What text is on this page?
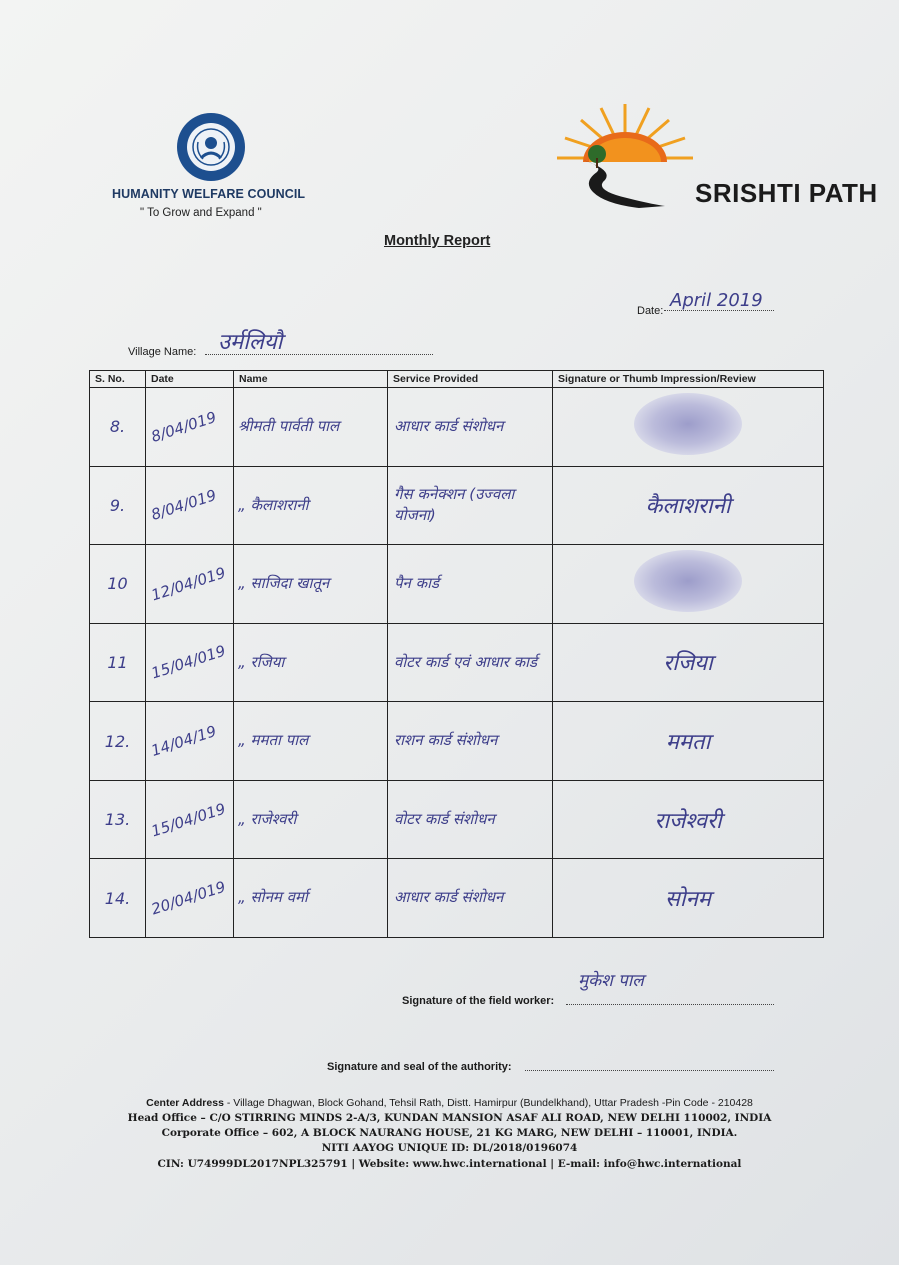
HUMANITY WELFARE COUNCIL
" To Grow and Expand "
SRISHTI PATH
Monthly Report
Date: April 2019
Village Name: उर्मलियौ
S. No.	Date	Name	Service Provided	Signature or Thumb Impression/Review
8.	8/04/019	श्रीमती पार्वती पाल	आधार कार्ड संशोधन	
9.	8/04/019	„ कैलाशरानी	गैस कनेक्शन (उज्वला योजना)	कैलाशरानी
10	12/04/019	„ साजिदा खातून	पैन कार्ड	
11	15/04/019	„ रजिया	वोटर कार्ड एवं आधार कार्ड	रजिया
12.	14/04/19	„ ममता पाल	राशन कार्ड संशोधन	ममता
13.	15/04/019	„ राजेश्वरी	वोटर कार्ड संशोधन	राजेश्वरी
14.	20/04/019	„ सोनम वर्मा	आधार कार्ड संशोधन	सोनम
Signature of the field worker:
मुकेश पाल
Signature and seal of the authority:
Center Address - Village Dhagwan, Block Gohand, Tehsil Rath, Distt. Hamirpur (Bundelkhand), Uttar Pradesh -Pin Code - 210428
Head Office – C/O STIRRING MINDS 2-A/3, KUNDAN MANSION ASAF ALI ROAD, NEW DELHI 110002, INDIA
Corporate Office – 602, A BLOCK NAURANG HOUSE, 21 KG MARG, NEW DELHI – 110001, INDIA.
NITI AAYOG UNIQUE ID: DL/2018/0196074
CIN: U74999DL2017NPL325791 | Website: www.hwc.international | E-mail: info@hwc.international
